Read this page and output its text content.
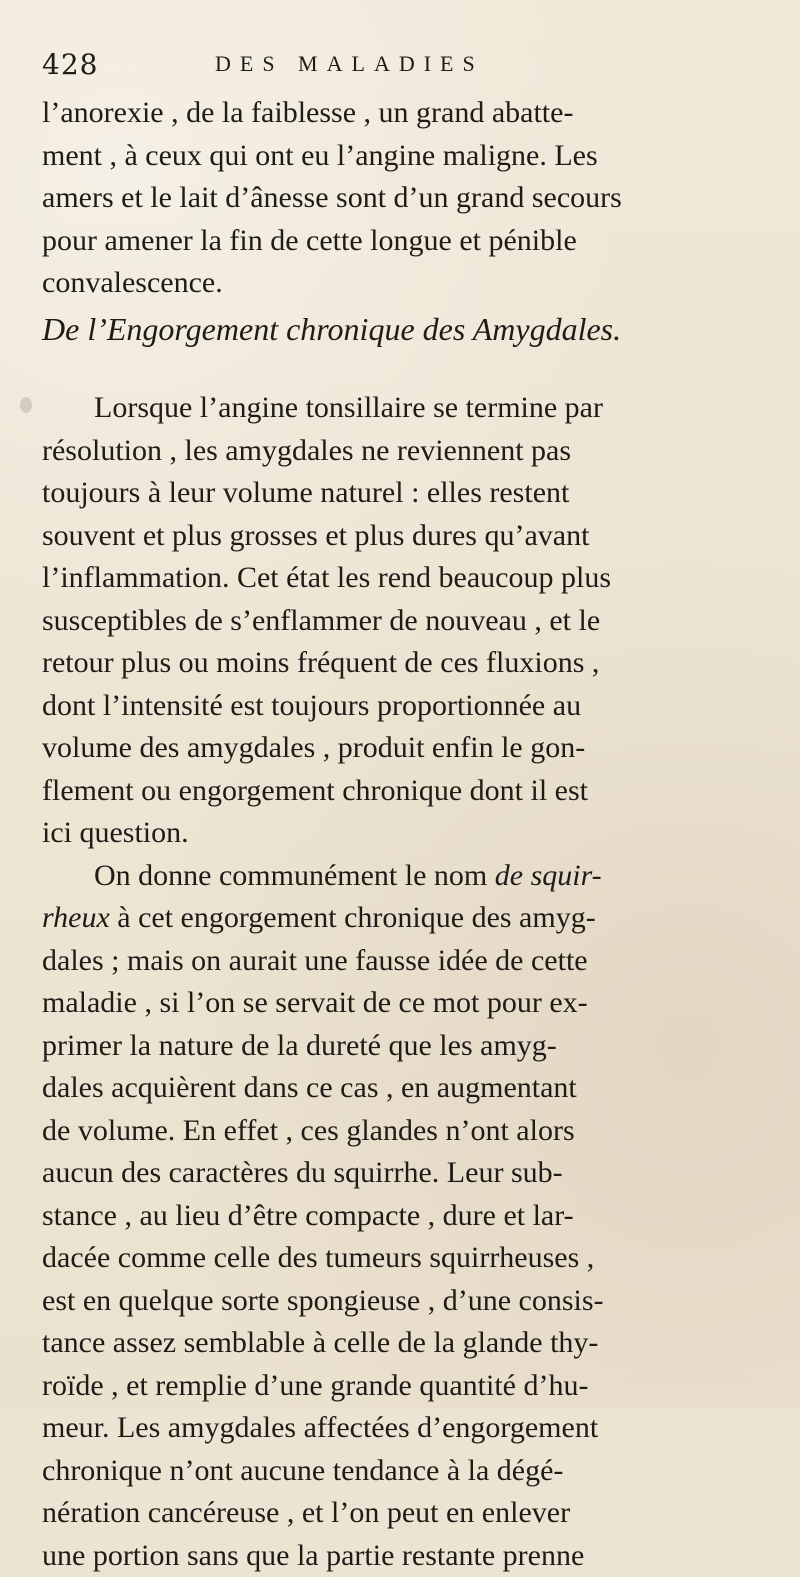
428	DES MALADIES
l’anorexie , de la faiblesse , un grand abatte-
ment , à ceux qui ont eu l’angine maligne. Les
amers et le lait d’ânesse sont d’un grand secours
pour amener la fin de cette longue et pénible
convalescence.
De l’Engorgement chronique des Amygdales.
Lorsque l’angine tonsillaire se termine par
résolution , les amygdales ne reviennent pas
toujours à leur volume naturel : elles restent
souvent et plus grosses et plus dures qu’avant
l’inflammation. Cet état les rend beaucoup plus
susceptibles de s’enflammer de nouveau , et le
retour plus ou moins fréquent de ces fluxions ,
dont l’intensité est toujours proportionnée au
volume des amygdales , produit enfin le gon-
flement ou engorgement chronique dont il est
ici question.
On donne communément le nom de squir-
rheux à cet engorgement chronique des amyg-
dales ; mais on aurait une fausse idée de cette
maladie , si l’on se servait de ce mot pour ex-
primer la nature de la dureté que les amyg-
dales acquièrent dans ce cas , en augmentant
de volume. En effet , ces glandes n’ont alors
aucun des caractères du squirrhe. Leur sub-
stance , au lieu d’être compacte , dure et lar-
dacée comme celle des tumeurs squirrheuses ,
est en quelque sorte spongieuse , d’une consis-
tance assez semblable à celle de la glande thy-
roïde , et remplie d’une grande quantité d’hu-
meur. Les amygdales affectées d’engorgement
chronique n’ont aucune tendance à la dégé-
nération cancéreuse , et l’on peut en enlever
une portion sans que la partie restante prenne
